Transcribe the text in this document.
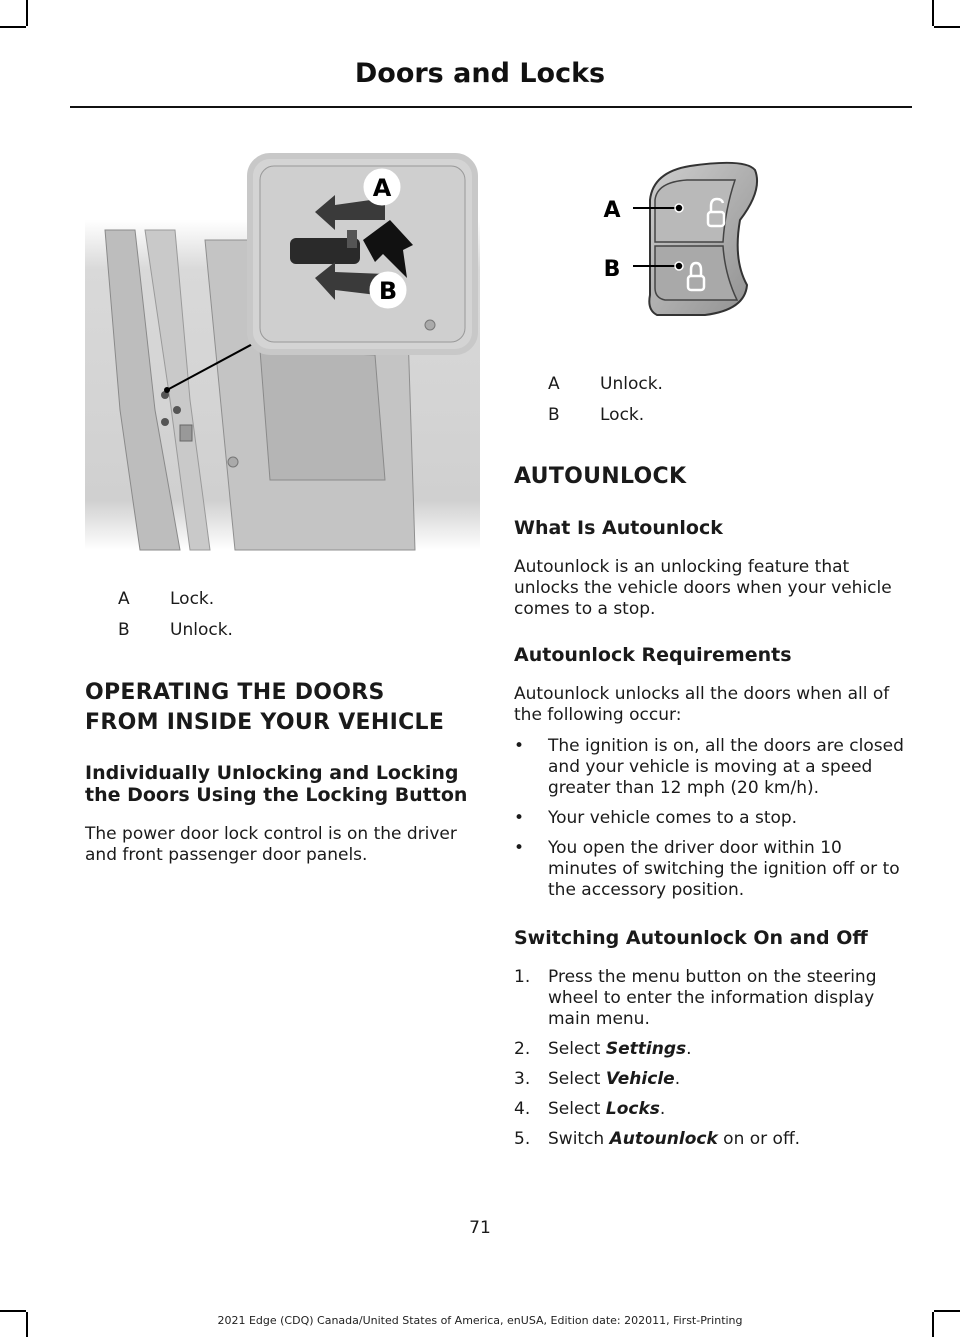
Doors and Locks
A
B
A	Lock.
B	Unlock.
OPERATING THE DOORS
FROM INSIDE YOUR VEHICLE
Individually Unlocking and Locking the Doors Using the Locking Button

The power door lock control is on the driver and front passenger door panels.

A
B
A	Unlock.
B	Lock.
AUTOUNLOCK
What Is Autounlock

Autounlock is an unlocking feature that unlocks the vehicle doors when your vehicle comes to a stop.

Autounlock Requirements

Autounlock unlocks all the doors when all of the following occur:

• The ignition is on, all the doors are closed and your vehicle is moving at a speed greater than 12 mph (20 km/h).
• Your vehicle comes to a stop.
• You open the driver door within 10 minutes of switching the ignition off or to the accessory position.
Switching Autounlock On and Off
1. Press the menu button on the steering wheel to enter the information display main menu.
2. Select Settings.
3. Select Vehicle.
4. Select Locks.
5. Switch Autounlock on or off.
71
2021 Edge (CDQ) Canada/United States of America, enUSA, Edition date: 202011, First-Printing
